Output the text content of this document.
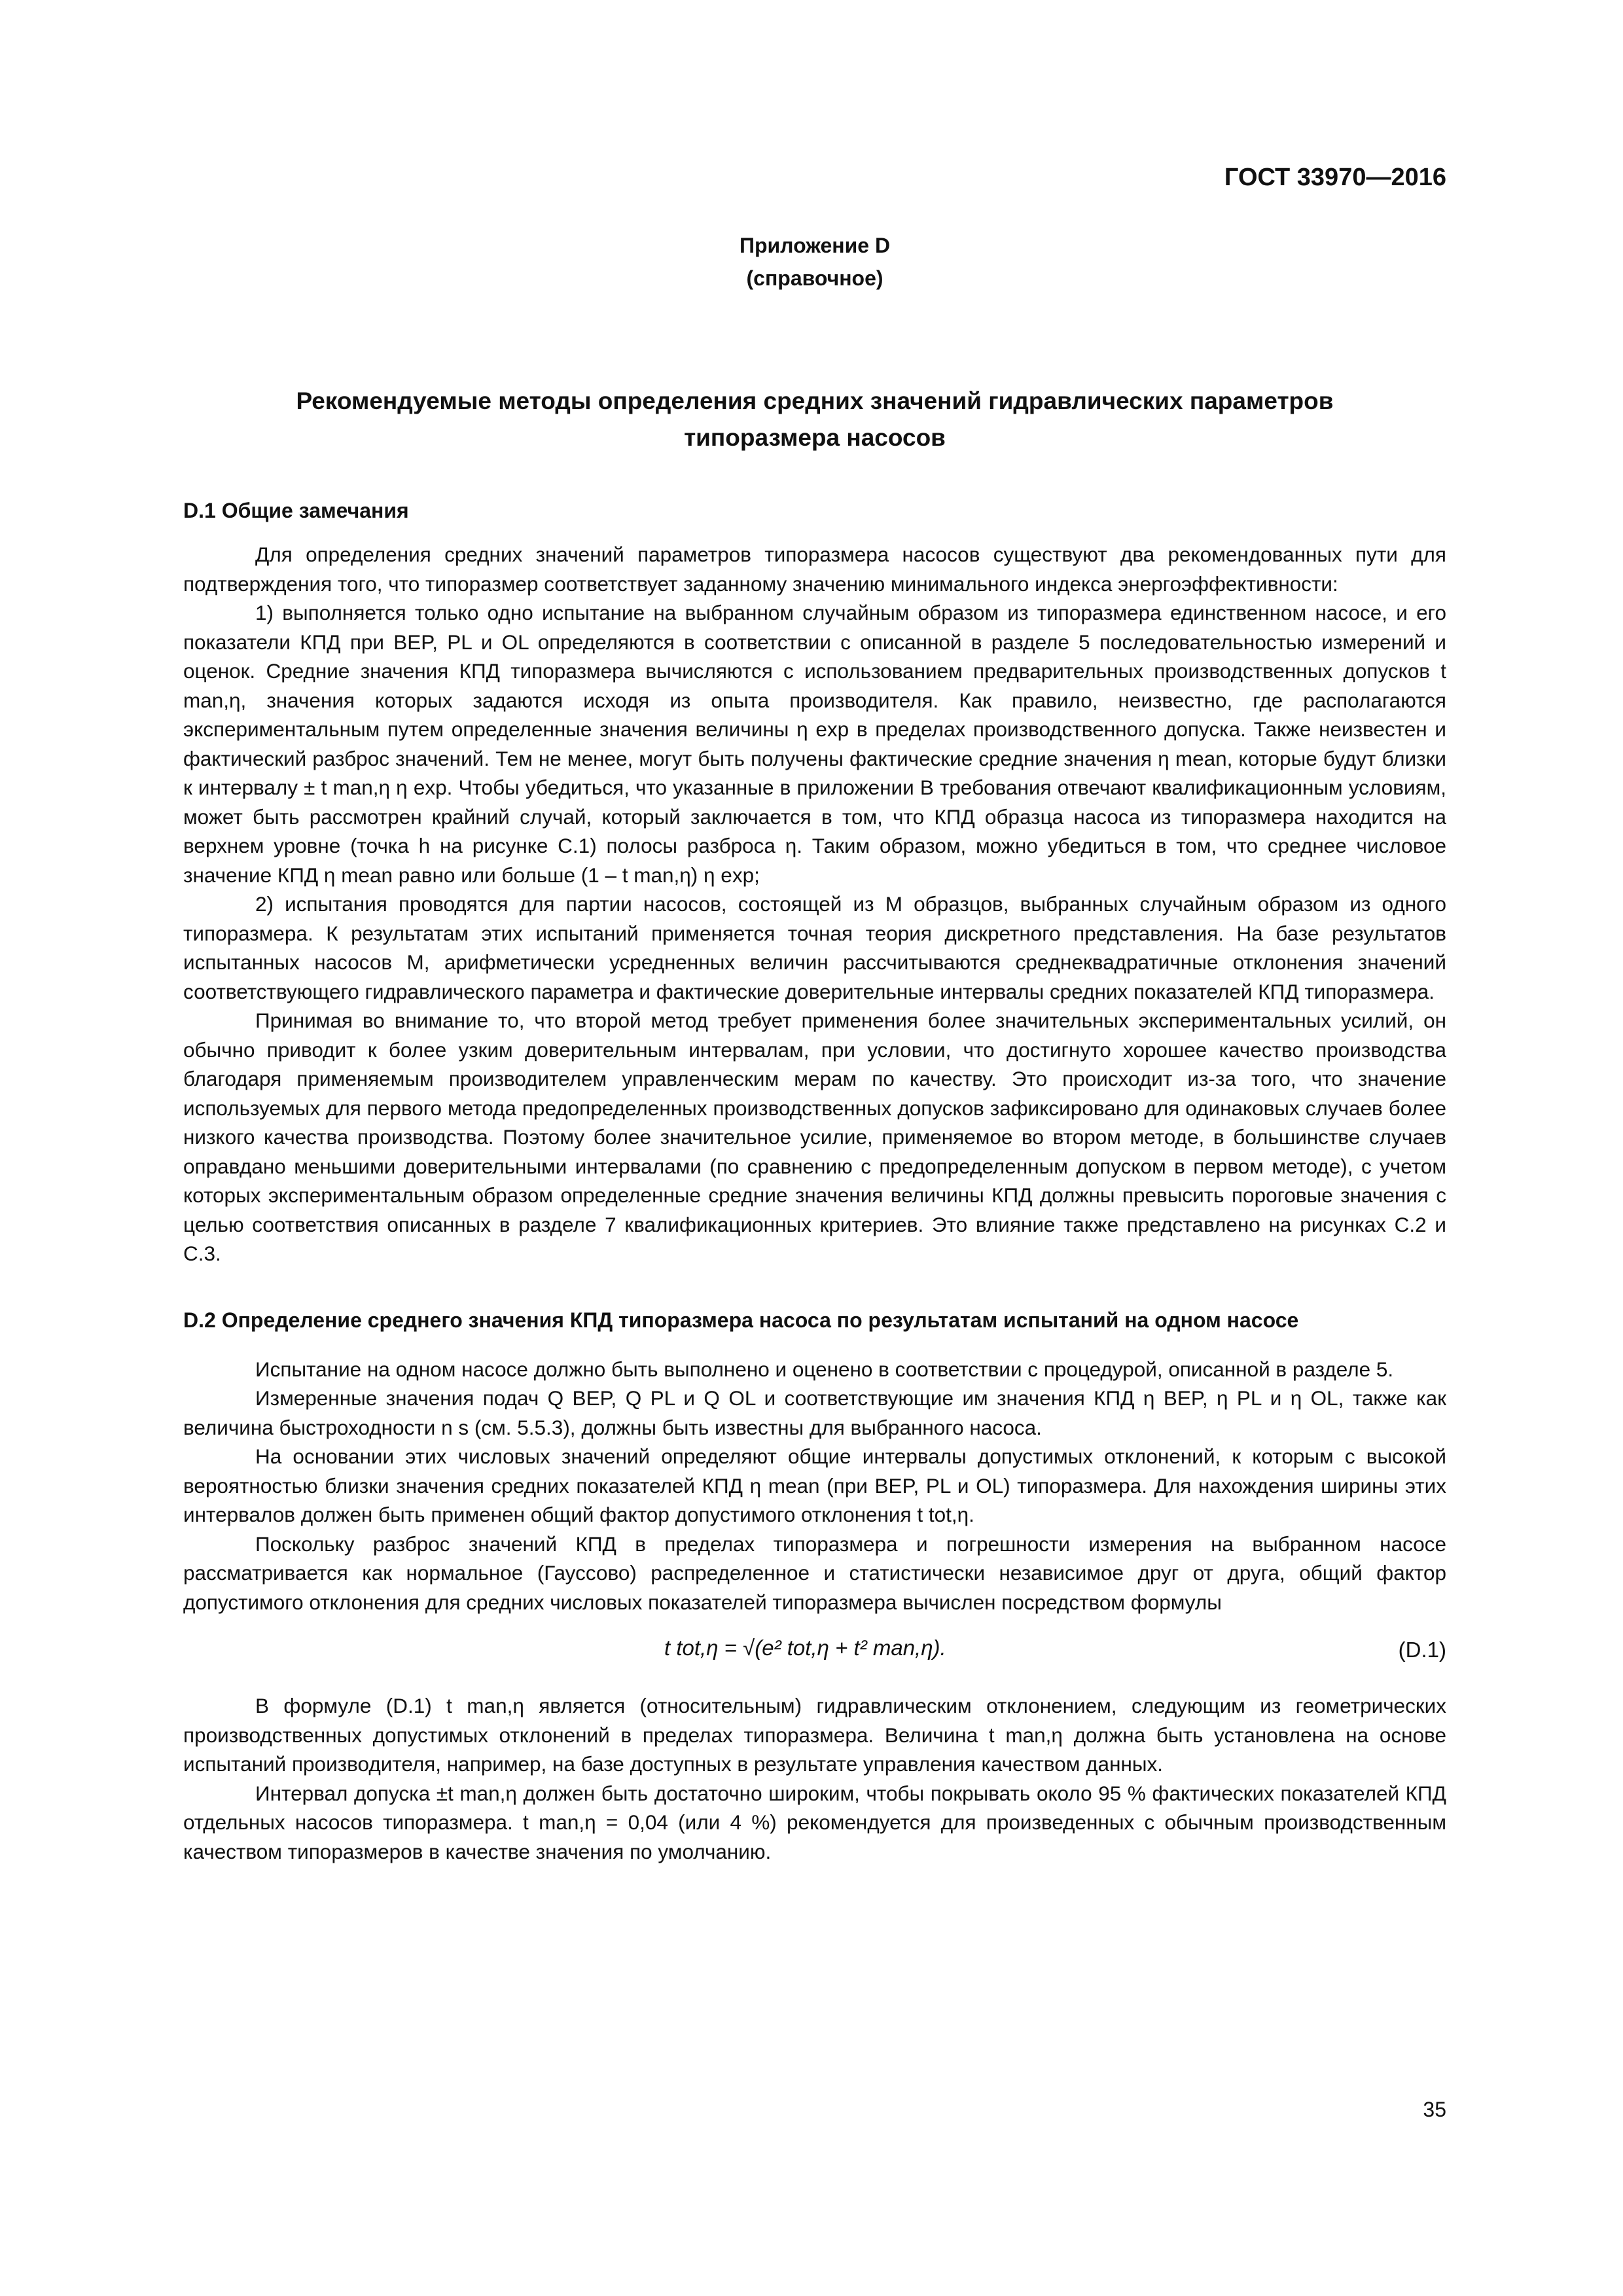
ГОСТ 33970—2016
Приложение D
(справочное)
Рекомендуемые методы определения средних значений гидравлических параметров
типоразмера насосов
D.1 Общие замечания

Для определения средних значений параметров типоразмера насосов существуют два рекомендованных пути для подтверждения того, что типоразмер соответствует заданному значению минимального индекса энергоэффективности:

1) выполняется только одно испытание на выбранном случайным образом из типоразмера единственном насосе, и его показатели КПД при BEP, PL и OL определяются в соответствии с описанной в разделе 5 последовательностью измерений и оценок. Средние значения КПД типоразмера вычисляются с использованием предварительных производственных допусков t man,η, значения которых задаются исходя из опыта производителя. Как правило, неизвестно, где располагаются экспериментальным путем определенные значения величины η exp в пределах производственного допуска. Также неизвестен и фактический разброс значений. Тем не менее, могут быть получены фактические средние значения η mean, которые будут близки к интервалу ± t man,η η exp. Чтобы убедиться, что указанные в приложении В требования отвечают квалификационным условиям, может быть рассмотрен крайний случай, который заключается в том, что КПД образца насоса из типоразмера находится на верхнем уровне (точка h на рисунке С.1) полосы разброса η. Таким образом, можно убедиться в том, что среднее числовое значение КПД η mean равно или больше (1 – t man,η) η exp;

2) испытания проводятся для партии насосов, состоящей из M образцов, выбранных случайным образом из одного типоразмера. К результатам этих испытаний применяется точная теория дискретного представления. На базе результатов испытанных насосов M, арифметически усредненных величин рассчитываются среднеквадратичные отклонения значений соответствующего гидравлического параметра и фактические доверительные интервалы средних показателей КПД типоразмера.

Принимая во внимание то, что второй метод требует применения более значительных экспериментальных усилий, он обычно приводит к более узким доверительным интервалам, при условии, что достигнуто хорошее качество производства благодаря применяемым производителем управленческим мерам по качеству. Это происходит из-за того, что значение используемых для первого метода предопределенных производственных допусков зафиксировано для одинаковых случаев более низкого качества производства. Поэтому более значительное усилие, применяемое во втором методе, в большинстве случаев оправдано меньшими доверительными интервалами (по сравнению с предопределенным допуском в первом методе), с учетом которых экспериментальным образом определенные средние значения величины КПД должны превысить пороговые значения с целью соответствия описанных в разделе 7 квалификационных критериев. Это влияние также представлено на рисунках С.2 и С.3.

D.2 Определение среднего значения КПД типоразмера насоса по результатам испытаний на одном насосе

Испытание на одном насосе должно быть выполнено и оценено в соответствии с процедурой, описанной в разделе 5.

Измеренные значения подач Q BEP, Q PL и Q OL и соответствующие им значения КПД η BEP, η PL и η OL, также как величина быстроходности n s (см. 5.5.3), должны быть известны для выбранного насоса.

На основании этих числовых значений определяют общие интервалы допустимых отклонений, к которым с высокой вероятностью близки значения средних показателей КПД η mean (при BEP, PL и OL) типоразмера. Для нахождения ширины этих интервалов должен быть применен общий фактор допустимого отклонения t tot,η.

Поскольку разброс значений КПД в пределах типоразмера и погрешности измерения на выбранном насосе рассматривается как нормальное (Гауссово) распределенное и статистически независимое друг от друга, общий фактор допустимого отклонения для средних числовых показателей типоразмера вычислен посредством формулы

t tot,η = √(e² tot,η + t² man,η).	(D.1)

В формуле (D.1) t man,η является (относительным) гидравлическим отклонением, следующим из геометрических производственных допустимых отклонений в пределах типоразмера. Величина t man,η должна быть установлена на основе испытаний производителя, например, на базе доступных в результате управления качеством данных.

Интервал допуска ±t man,η должен быть достаточно широким, чтобы покрывать около 95 % фактических показателей КПД отдельных насосов типоразмера. t man,η = 0,04 (или 4 %) рекомендуется для произведенных с обычным производственным качеством типоразмеров в качестве значения по умолчанию.

35
